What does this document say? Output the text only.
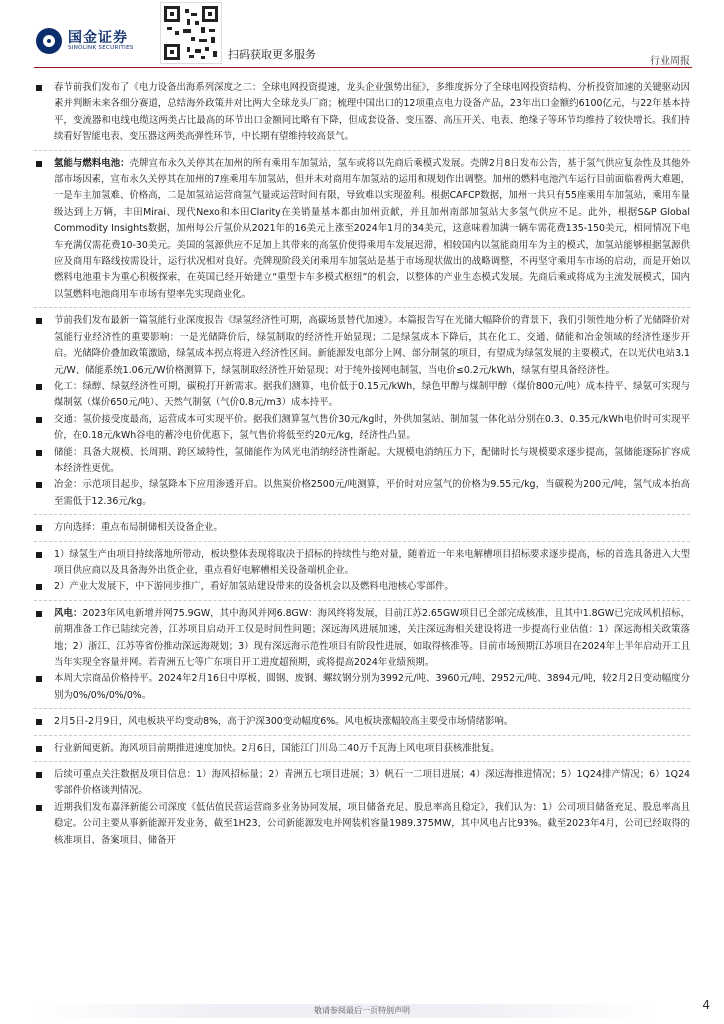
国金证券
SINOLINK SECURITIES	扫码获取更多服务
行业周报
春节前我们发布了《电力设备出海系列深度之二：全球电网投资提速，龙头企业强势出征》，多维度拆分了全球电网投资结构、分析投资加速的关键驱动因素并判断未来各细分赛道，总结海外政策并对比两大全球龙头厂商；梳理中国出口的12项重点电力设备产品，23年出口金额约6100亿元，与22年基本持平，变流器和电线电缆这两类占比最高的环节出口金额同比略有下降，但成套设备、变压器、高压开关、电表、绝缘子等环节均维持了较快增长。我们持续看好智能电表、变压器这两类高弹性环节，中长期有望维持较高景气。
氢能与燃料电池：壳牌宣布永久关停其在加州的所有乘用车加氢站，氢车或将以先商后乘模式发展。壳牌2月8日发布公告，基于氢气供应复杂性及其他外部市场因素，宣布永久关停其在加州的7座乘用车加氢站，但并未对商用车加氢站的运用和规划作出调整。加州的燃料电池汽车运行目前面临着两大难题，一是车主加氢难、价格高，二是加氢站运营商氢气量或运营时间有限，导致难以实现盈利。根据CAFCP数据，加州一共只有55座乘用车加氢站，乘用车量级达到上万辆，丰田Mirai、现代Nexo和本田Clarity在美销量基本都由加州贡献，并且加州南部加氢站大多氢气供应不足。此外，根据S&P Global Commodity Insights数据，加州每公斤氢价从2021年的16美元上涨至2024年1月的34美元，这意味着加满一辆车需花费135-150美元，相同情况下电车充满仅需花费10-30美元。美国的氢源供应不足加上其带来的高氢价使得乘用车发展迟滞，相较国内以氢能商用车为主的模式，加氢站能够根据氢源供应及商用车路线按需设计，运行状况相对良好。壳牌现阶段关闭乘用车加氢站是基于市场现状做出的战略调整，不再坚守乘用车市场的启动，而是开始以燃料电池重卡为重心积极探索，在英国已经开始建立“重型卡车多模式枢纽”的机会，以整体的产业生态模式发展。先商后乘或将成为主流发展模式，国内以氢燃料电池商用车市场有望率先实现商业化。
节前我们发布最新一篇氢能行业深度报告《绿氢经济性可期，高碳场景替代加速》。本篇报告写在光储大幅降价的背景下，我们引领性地分析了光储降价对氢能行业经济性的重要影响：一是光储降价后，绿氢制取的经济性开始显现；二是绿氢成本下降后，其在化工、交通、储能和冶金领域的经济性逐步开启。光储降价叠加政策激励，绿氢成本拐点将进入经济性区间。新能源发电部分上网、部分制氢的项目，有望成为绿氢发展的主要模式，在以光伏电站3.1元/W、储能系统1.06元/W价格测算下，绿氢制取经济性开始显现；对于纯外接网电制氢，当电价≤0.2元/kWh，绿氢有望具备经济性。
化工：绿醇、绿氨经济性可期，碳税打开新需求。据我们测算，电价低于0.15元/kWh，绿色甲醇与煤制甲醇（煤价800元/吨）成本持平、绿氨可实现与煤制氨（煤价650元/吨）、天然气制氨（气价0.8元/m3）成本持平。
交通：氢价接受度最高，运营成本可实现平价。据我们测算氢气售价30元/kg时，外供加氢站、制加氢一体化站分别在0.3、0.35元/kWh电价时可实现平价，在0.18元/kWh谷电的蓄冷电价优惠下，氢气售价将低至约20元/kg，经济性凸显。
储能：具备大规模、长周期、跨区域特性，氢储能作为风光电消纳经济性渐起。大规模电消纳压力下，配储时长与规模要求逐步提高，氢储能逐际扩容成本经济性更优。
冶金：示范项目起步，绿氢降本下应用渗透开启。以焦炭价格2500元/吨测算，平价时对应氢气的价格为9.55元/kg，当碳税为200元/吨，氢气成本抬高至需低于12.36元/kg。
方向选择：重点布局制储相关设备企业。
1）绿氢生产由项目持续落地所带动，板块整体表现将取决于招标的持续性与绝对量，随着近一年来电解槽项目招标要求逐步提高，标的首选具备进入大型项目供应商以及具备海外出货企业，重点看好电解槽相关设备端机企业。
2）产业大发展下，中下游同步推广，看好加氢站建设带来的设备机会以及燃料电池核心零部件。
风电：2023年风电新增并网75.9GW，其中海风并网6.8GW：海风终将发展，目前江苏2.65GW项目已全部完成核准，且其中1.8GW已完成风机招标，前期准备工作已陆续完善，江苏项目启动开工仅是时间性问题；深远海风进展加速，关注深远海相关建设将进一步提高行业估值：1）深远海相关政策落地；2）浙江、江苏等省份推动深远海规划；3）现有深远海示范性项目有阶段性进展，如取得核准等。目前市场预期江苏项目在2024年上半年启动开工且当年实现全容量并网。若青洲五七等广东项目开工进度超预期，或将提高2024年业绩预期。
本周大宗商品价格持平。2024年2月16日中厚板、圆钢、废钢、螺纹钢分别为3992元/吨、3960元/吨、2952元/吨、3894元/吨，较2月2日变动幅度分别为0%/0%/0%/0%。
2月5日-2月9日，风电板块平均变动8%，高于沪深300变动幅度6%。风电板块涨幅较高主要受市场情绪影响。
行业新闻更新。海风项目前期推进速度加快。2月6日，国能江门川岛二40万千瓦海上风电项目获核准批复。
后续可重点关注数据及项目信息：1）海风招标量；2）青洲五七项目进展；3）帆石一二项目进展；4）深远海推进情况；5）1Q24排产情况；6）1Q24零部件价格谈判情况。
近期我们发布嘉泽新能公司深度《低估值民营运营商多业务协同发展，项目储备充足、股息率高且稳定》，我们认为：1）公司项目储备充足、股息率高且稳定。公司主要从事新能源开发业务，截至1H23，公司新能源发电并网装机容量1989.375MW，其中风电占比93%。截至2023年4月，公司已经取得的核准项目、备案项目、储备开
敬请参阅最后一页特别声明	4
